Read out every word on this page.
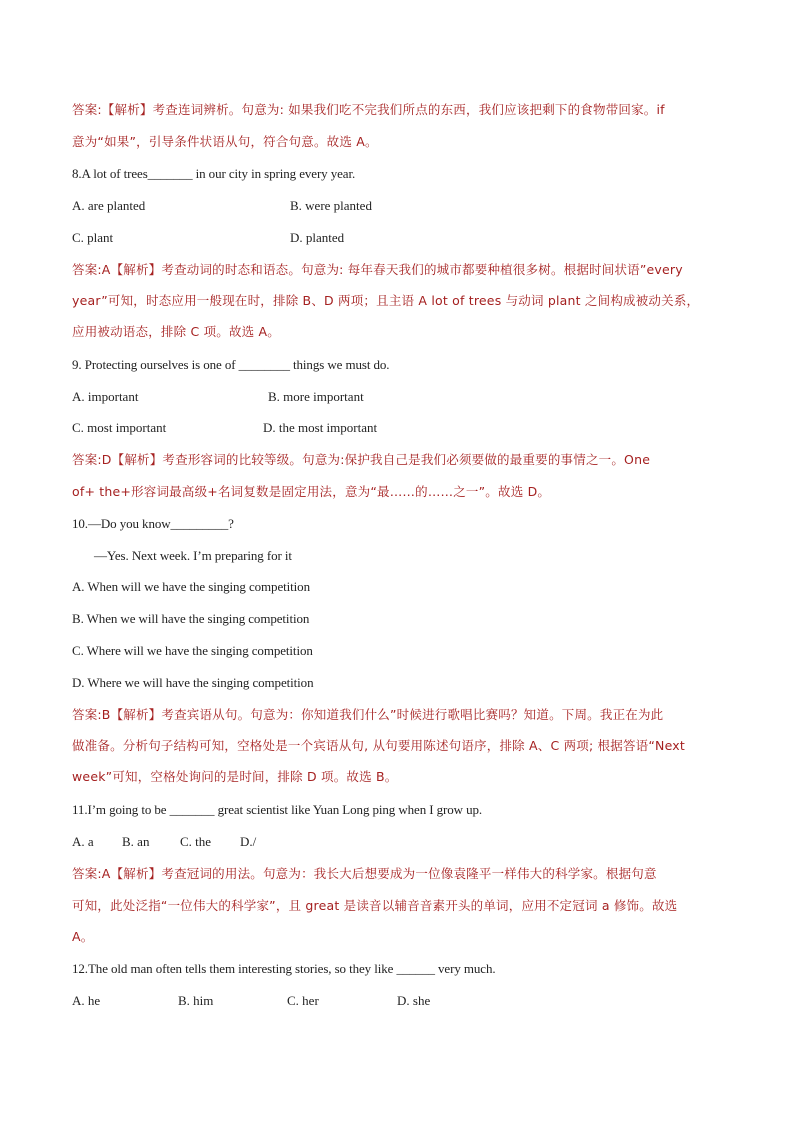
答案:【解析】考查连词辨析。句意为: 如果我们吃不完我们所点的东西，我们应该把剩下的食物带回家。if
意为“如果”，引导条件状语从句，符合句意。故选 A。
8.A lot of trees_______ in our city in spring every year.
A. are planted	B. were planted
C. plant	D. planted
答案:A【解析】考查动词的时态和语态。句意为: 每年春天我们的城市都要种植很多树。根据时间状语”every
year”可知，时态应用一般现在时，排除 B、D 两项；且主语 A lot of trees 与动词 plant 之间构成被动关系，
应用被动语态，排除 C 项。故选 A。
9. Protecting ourselves is one of ________ things we must do.
A. important	B. more important
C. most important	D. the most important
答案:D【解析】考查形容词的比较等级。句意为:保护我自己是我们必须要做的最重要的事情之一。One
of+ the+形容词最高级+名词复数是固定用法，意为“最……的……之一”。故选 D。
10.—Do you know_________?
—Yes. Next week. I’m preparing for it
A. When will we have the singing competition
B. When we will have the singing competition
C. Where will we have the singing competition
D. Where we will have the singing competition
答案:B【解析】考查宾语从句。句意为：你知道我们什么”时候进行歌唱比赛吗？知道。下周。我正在为此
做准备。分析句子结构可知，空格处是一个宾语从句, 从句要用陈述句语序，排除 A、C 两项; 根据答语“Next
week”可知，空格处询问的是时间，排除 D 项。故选 B。
11.I’m going to be _______ great scientist like Yuan Long ping when I grow up.
A. a B. an C. the D./
答案:A【解析】考查冠词的用法。句意为：我长大后想要成为一位像袁隆平一样伟大的科学家。根据句意
可知，此处泛指“一位伟大的科学家”，且 great 是读音以辅音音素开头的单词，应用不定冠词 a 修饰。故选
A。
12.The old man often tells them interesting stories, so they like ______ very much.
A. he	B. him	C. her	D. she
